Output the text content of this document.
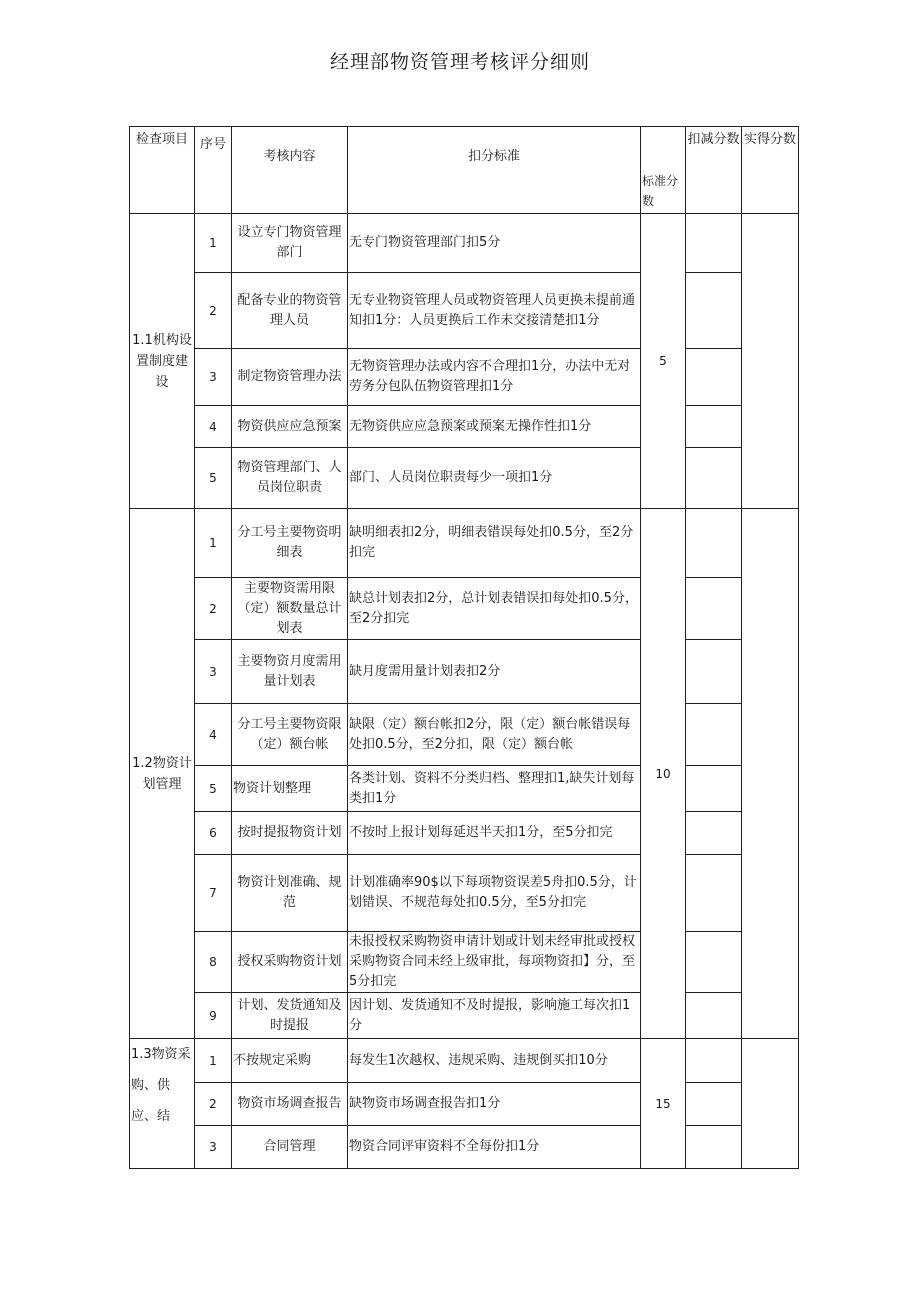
经理部物资管理考核评分细则
检查项目	序号	考核内容	扣分标准	标准分数	扣减分数	实得分数
1.1机构设置制度建设	1	设立专门物资管理部门	无专门物资管理部门扣5分	5		
	2	配备专业的物资管理人员	无专业物资管理人员或物资管理人员更换未提前通知扣1分：人员更换后工作未交接清楚扣1分			
	3	制定物资管理办法	无物资管理办法或内容不合理扣1分，办法中无对劳务分包队伍物资管理扣1分			
	4	物资供应应急预案	无物资供应应急预案或预案无操作性扣1分			
	5	物资管理部门、人员岗位职责	部门、人员岗位职责每少一项扣1分			
1.2物资计划管理	1	分工号主要物资明细表	缺明细表扣2分，明细表错误每处扣0.5分，至2分扣完	10		
	2	主要物资需用限（定）额数量总计划表	缺总计划表扣2分，总计划表错误扣每处扣0.5分，至2分扣完			
	3	主要物资月度需用量计划表	缺月度需用量计划表扣2分			
	4	分工号主要物资限（定）额台帐	缺限（定）额台帐扣2分，限（定）额台帐错误每处扣0.5分，至2分扣，限（定）额台帐			
	5	物资计划整理	各类计划、资料不分类归档、整理扣1,缺失计划每类扣1分			
	6	按时提报物资计划	不按时上报计划每延迟半天扣1分，至5分扣完			
	7	物资计划准确、规范	计划准确率90$以下每项物资误差5舟扣0.5分，计划错误、不规范每处扣0.5分，至5分扣完			
	8	授权采购物资计划	未报授权采购物资申请计划或计划未经审批或授权采购物资合同未经上级审批，每项物资扣】分，至5分扣完			
	9	计划、发货通知及时提报	因计划、发货通知不及时提报，影响施工每次扣1分			
1.3物资采购、供应、结	1	不按规定采购	每发生1次越权、违规采购、违规倒买扣10分	15		
	2	物资市场调查报告	缺物资市场调查报告扣1分			
	3	合同管理	物资合同评审资料不全每份扣1分			
